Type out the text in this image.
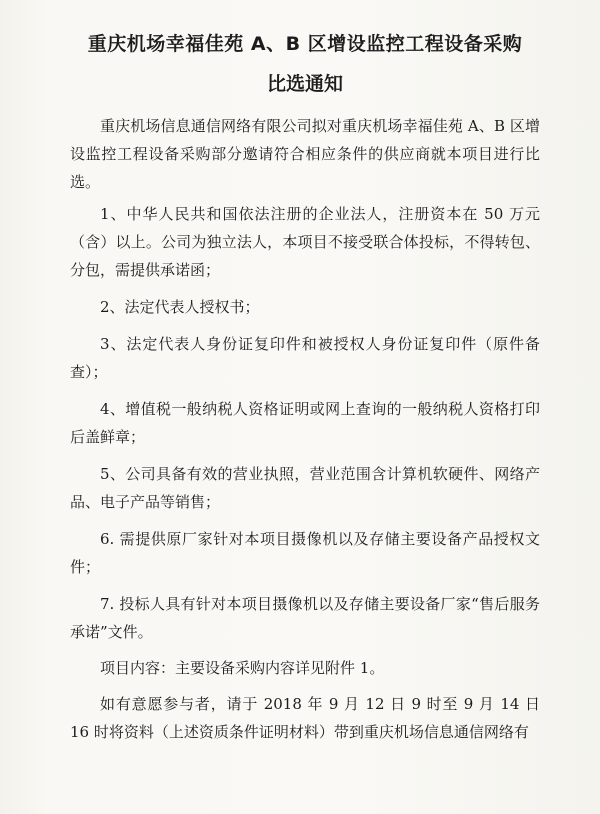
重庆机场幸福佳苑 A、B 区增设监控工程设备采购
比选通知

重庆机场信息通信网络有限公司拟对重庆机场幸福佳苑 A、B 区增设监控工程设备采购部分邀请符合相应条件的供应商就本项目进行比选。

1、中华人民共和国依法注册的企业法人，注册资本在 50 万元（含）以上。公司为独立法人，本项目不接受联合体投标，不得转包、分包，需提供承诺函；

2、法定代表人授权书；

3、法定代表人身份证复印件和被授权人身份证复印件（原件备查）；

4、增值税一般纳税人资格证明或网上查询的一般纳税人资格打印后盖鲜章；

5、公司具备有效的营业执照，营业范围含计算机软硬件、网络产品、电子产品等销售；

6. 需提供原厂家针对本项目摄像机以及存储主要设备产品授权文件；

7. 投标人具有针对本项目摄像机以及存储主要设备厂家“售后服务承诺”文件。

项目内容：主要设备采购内容详见附件 1。

如有意愿参与者，请于 2018 年 9 月 12 日 9 时至 9 月 14 日 16 时将资料（上述资质条件证明材料）带到重庆机场信息通信网络有
